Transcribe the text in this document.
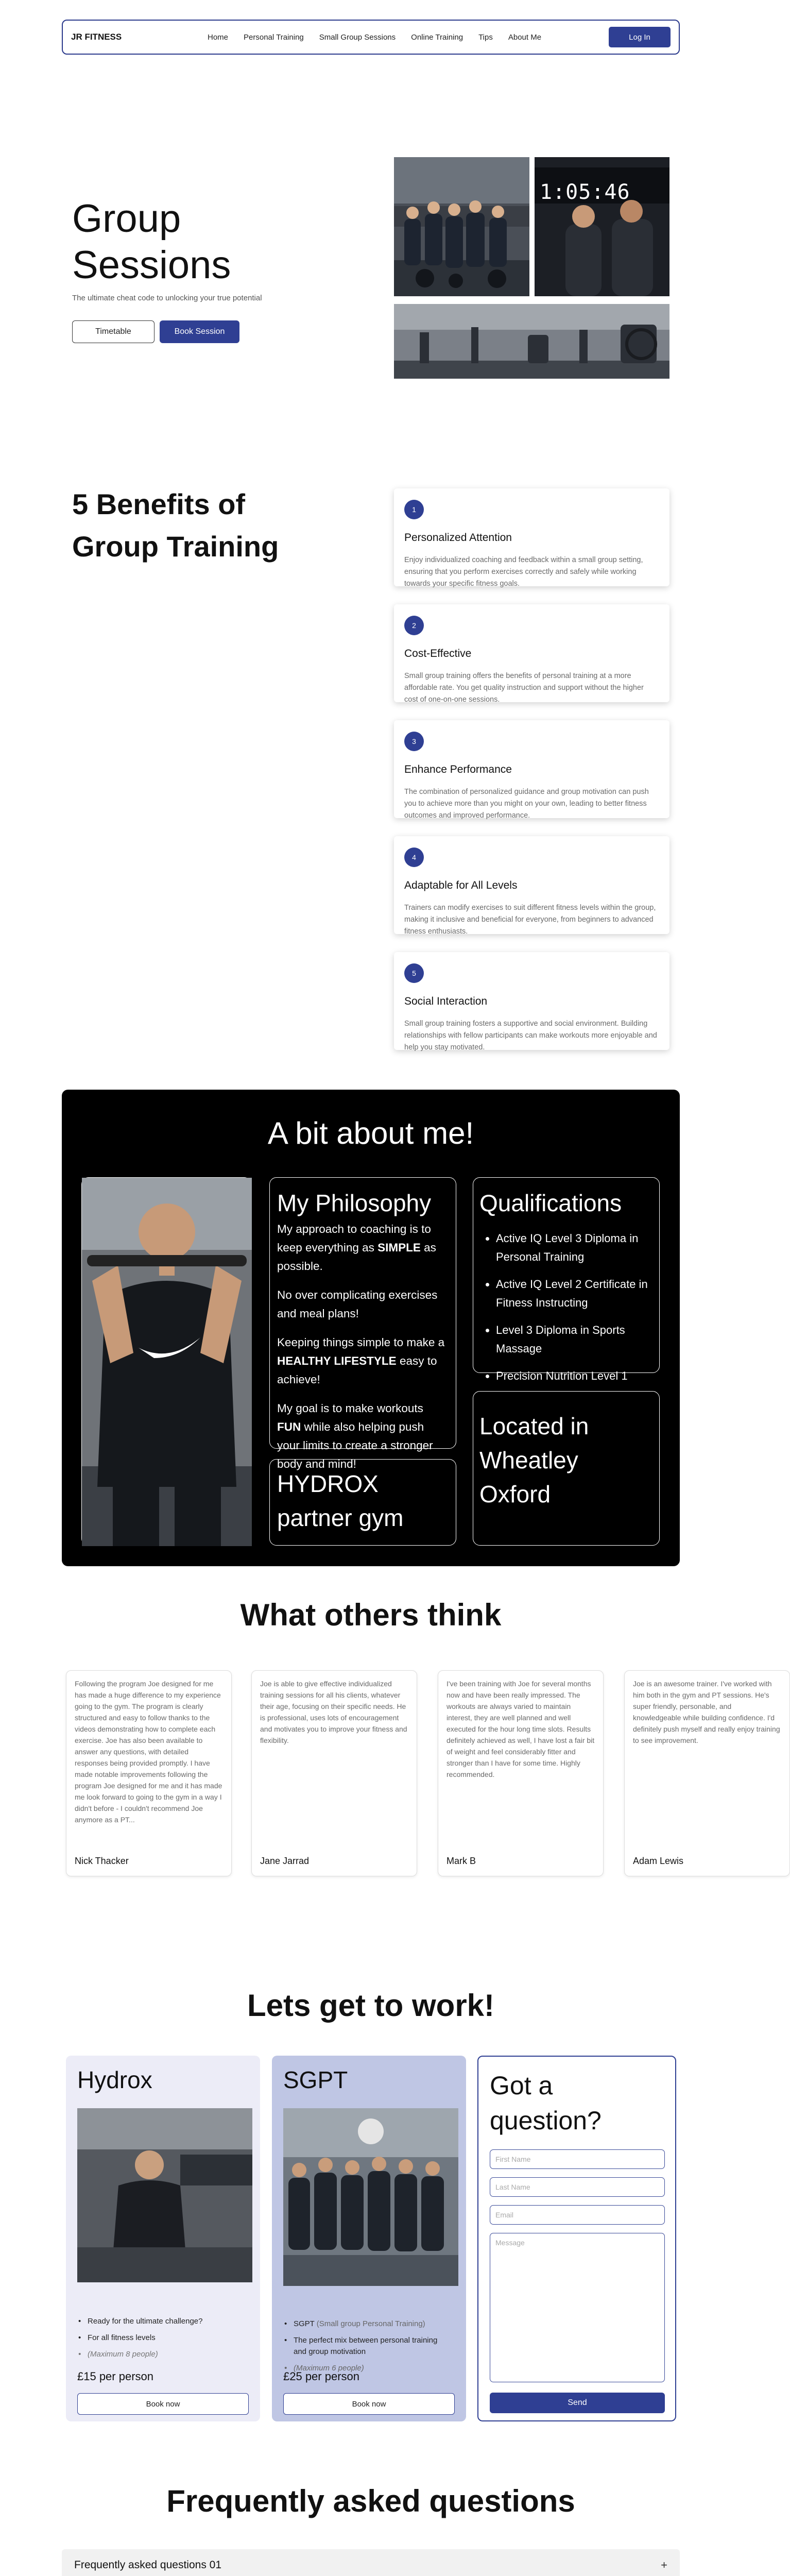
JR FITNESS	Home Personal Training Small Group Sessions Online Training Tips About Me	Log In
Group
Sessions
The ultimate cheat code to unlocking your true potential
Timetable	Book Session
1:05:46
5 Benefits of
Group Training
1
Personalized Attention
Enjoy individualized coaching and feedback within a small group setting, ensuring that you perform exercises correctly and safely while working towards your specific fitness goals.
2
Cost-Effective
Small group training offers the benefits of personal training at a more affordable rate. You get quality instruction and support without the higher cost of one-on-one sessions.
3
Enhance Performance
The combination of personalized guidance and group motivation can push you to achieve more than you might on your own, leading to better fitness outcomes and improved performance.
4
Adaptable for All Levels
Trainers can modify exercises to suit different fitness levels within the group, making it inclusive and beneficial for everyone, from beginners to advanced fitness enthusiasts.
5
Social Interaction
Small group training fosters a supportive and social environment. Building relationships with fellow participants can make workouts more enjoyable and help you stay motivated.
A bit about me!
My Philosophy

My approach to coaching is to keep everything as SIMPLE as possible.

No over complicating exercises and meal plans!

Keeping things simple to make a HEALTHY LIFESTYLE easy to achieve!

My goal is to make workouts FUN while also helping push your limits to create a stronger body and mind!

HYDROX partner gym
Qualifications
• Active IQ Level 3 Diploma in Personal Training
• Active IQ Level 2 Certificate in Fitness Instructing
• Level 3 Diploma in Sports Massage
• Precision Nutrition Level 1
Located in Wheatley Oxford
What others think

Following the program Joe designed for me has made a huge difference to my experience going to the gym. The program is clearly structured and easy to follow thanks to the videos demonstrating how to complete each exercise. Joe has also been available to answer any questions, with detailed responses being provided promptly. I have made notable improvements following the program Joe designed for me and it has made me look forward to going to the gym in a way I didn't before - I couldn't recommend Joe anymore as a PT...

Nick Thacker

Joe is able to give effective individualized training sessions for all his clients, whatever their age, focusing on their specific needs. He is professional, uses lots of encouragement and motivates you to improve your fitness and flexibility.

Jane Jarrad

I've been training with Joe for several months now and have been really impressed. The workouts are always varied to maintain interest, they are well planned and well executed for the hour long time slots. Results definitely achieved as well, I have lost a fair bit of weight and feel considerably fitter and stronger than I have for some time. Highly recommended.

Mark B

Joe is an awesome trainer. I've worked with him both in the gym and PT sessions. He's super friendly, personable, and knowledgeable while building confidence. I'd definitely push myself and really enjoy training to see improvement.

Adam Lewis
Lets get to work!
Hydrox
• Ready for the ultimate challenge?
• For all fitness levels
• (Maximum 8 people)
£15 per person
Book now
SGPT
• SGPT (Small group Personal Training)
• The perfect mix between personal training and group motivation
• (Maximum 6 people)
£25 per person
Book now
Got a
question?
First Name
Last Name
Email
Message
Send
Frequently asked questions
Frequently asked questions 01	+
